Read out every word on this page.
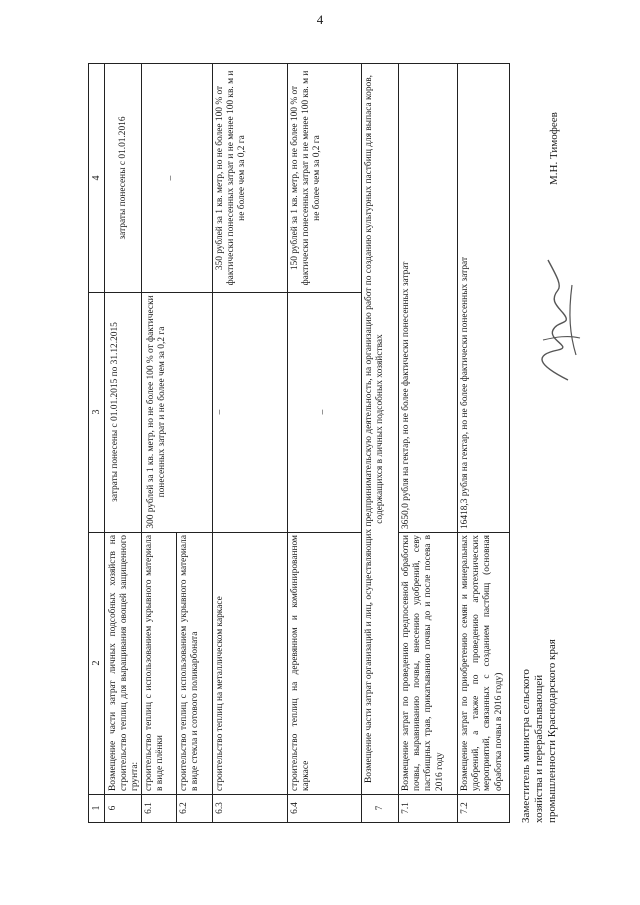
4
1
2
3
4
6
Возмещение части затрат личных подсобных хозяйств на строительство теплиц для выращивания овощей защищенного грунта:
затраты понесены с 01.01.2015 по 31.12.2015
затраты понесены с 01.01.2016
6.1
строительство теплиц с использованием укрывного материала в виде плёнки
300 рублей за 1 кв. метр, но не более 100 % от фактически понесенных затрат и не более чем за 0,2 га
–
6.2
строительство теплиц с использованием укрывного материала в виде стекла и сотового поликарбоната
6.3
строительство теплиц на металлическом каркасе
–
350 рублей за 1 кв. метр, но не более 100 % от фактически понесенных затрат и не менее 100 кв. м и не более чем за 0,2 га
6.4
строительство теплиц на деревянном и комбинированном каркасе
–
150 рублей за 1 кв. метр, но не более 100 % от фактически понесенных затрат и не менее 100 кв. м и не более чем за 0,2 га
7
Возмещение части затрат организаций и лиц, осуществляющих предпринимательскую деятельность, на организацию работ по созданию культурных пастбищ для выпаса коров, содержащихся в личных подсобных хозяйствах
7.1
Возмещение затрат по проведению предпосевной обработки почвы, выравниванию почвы, внесению удобрений, севу пастбищных трав, прикатыванию почвы до и после посева в 2016 году
3650,0 рубля на гектар, но не более фактически понесенных затрат
7.2
Возмещение затрат по приобретению семян и минеральных удобрений, а также по проведению агротехнических мероприятий, связанных с созданием пастбищ (основная обработка почвы в 2016 году)
16418,3 рубля на гектар, но не более фактически понесенных затрат
Заместитель министра сельского хозяйства и перерабатывающей промышленности Краснодарского края
М.Н. Тимофеев
